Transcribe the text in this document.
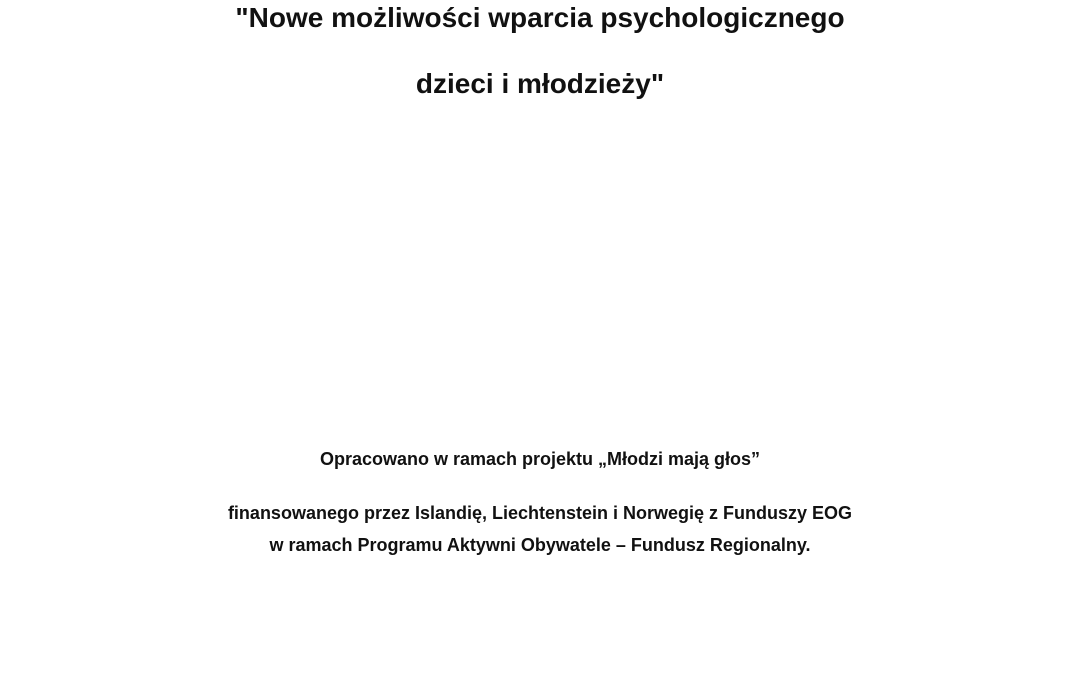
"Nowe możliwości wparcia psychologicznego
dzieci i młodzieży"
Opracowano w ramach projektu „Młodzi mają głos”
finansowanego przez Islandię, Liechtenstein i Norwegię z Funduszy EOG
w ramach Programu Aktywni Obywatele – Fundusz Regionalny.
